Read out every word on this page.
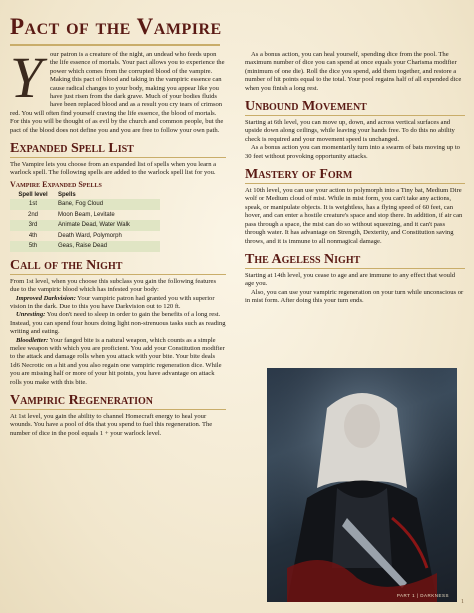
Pact of the Vampire
Y	our patron is a creature of the night, an undead who feeds upon the life essence of mortals. Your pact allows you to experience the power which comes from the corrupted blood of the vampire. Making this pact of blood and taking in the vampiric essence can cause radical changes to your body, making you appear like you have just risen from the dark grave. Much of your bodies fluids have been replaced blood and as a result you cry tears of crimson red. You will often find yourself craving the life essence, the blood of mortals. For this you will be thought of as evil by the church and common people, but the pact of the blood does not define you and you are free to follow your own path.

Expanded Spell List

The Vampire lets you choose from an expanded list of spells when you learn a warlock spell. The following spells are added to the warlock spell list for you.

Vampire Expanded Spells
Spell level	Spells
1st	Bane, Fog Cloud
2nd	Moon Beam, Levitate
3rd	Animate Dead, Water Walk
4th	Death Ward, Polymorph
5th	Geas, Raise Dead
Call of the Night

From 1st level, when you choose this subclass you gain the following features due to the vampiric blood which has infested your body:

Improved Darkvision: Your vampiric patron had granted you with superior vision in the dark. Due to this you have Darkvision out to 120 ft.

Unresting: You don't need to sleep in order to gain the benefits of a long rest. Instead, you can spend four hours doing light non-strenuous tasks such as reading writing and eating.

Bloodletter: Your fanged bite is a natural weapon, which counts as a simple melee weapon with which you are proficient. You add your Constitution modifier to the attack and damage rolls when you attack with your bite. Your bite deals 1d6 Necrotic on a hit and you also regain one vampiric regeneration dice. While you are missing half or more of your hit points, you have advantage on attack rolls you make with this bite.

Vampiric Regeneration

At 1st level, you gain the ability to channel Homecraft energy to heal your wounds. You have a pool of d6s that you spend to fuel this regeneration. The number of dice in the pool equals 1 + your warlock level.

As a bonus action, you can heal yourself, spending dice from the pool. The maximum number of dice you can spend at once equals your Charisma modifier (minimum of one die). Roll the dice you spend, add them together, and restore a number of hit points equal to the total. Your pool regains half of all expended dice when you finish a long rest.

Unbound Movement

Starting at 6th level, you can move up, down, and across vertical surfaces and upside down along ceilings, while leaving your hands free. To do this no ability check is required and your movement speed is unchanged.

As a bonus action you can momentarily turn into a swarm of bats moving up to 30 feet without provoking opportunity attacks.

Mastery of Form

At 10th level, you can use your action to polymorph into a Tiny bat, Medium Dire wolf or Medium cloud of mist. While in mist form, you can't take any actions, speak, or manipulate objects. It is weightless, has a flying speed of 60 feet, can hover, and can enter a hostile creature's space and stop there. In addition, if air can pass through a space, the mist can do so without squeezing, and it can't pass through water. It has advantage on Strength, Dexterity, and Constitution saving throws, and it is immune to all nonmagical damage.

The Ageless Night

Starting at 14th level, you cease to age and are immune to any effect that would age you.

Also, you can use your vampiric regeneration on your turn while unconscious or in mist form. After doing this your turn ends.

PART 1 | DARKNESS
1
